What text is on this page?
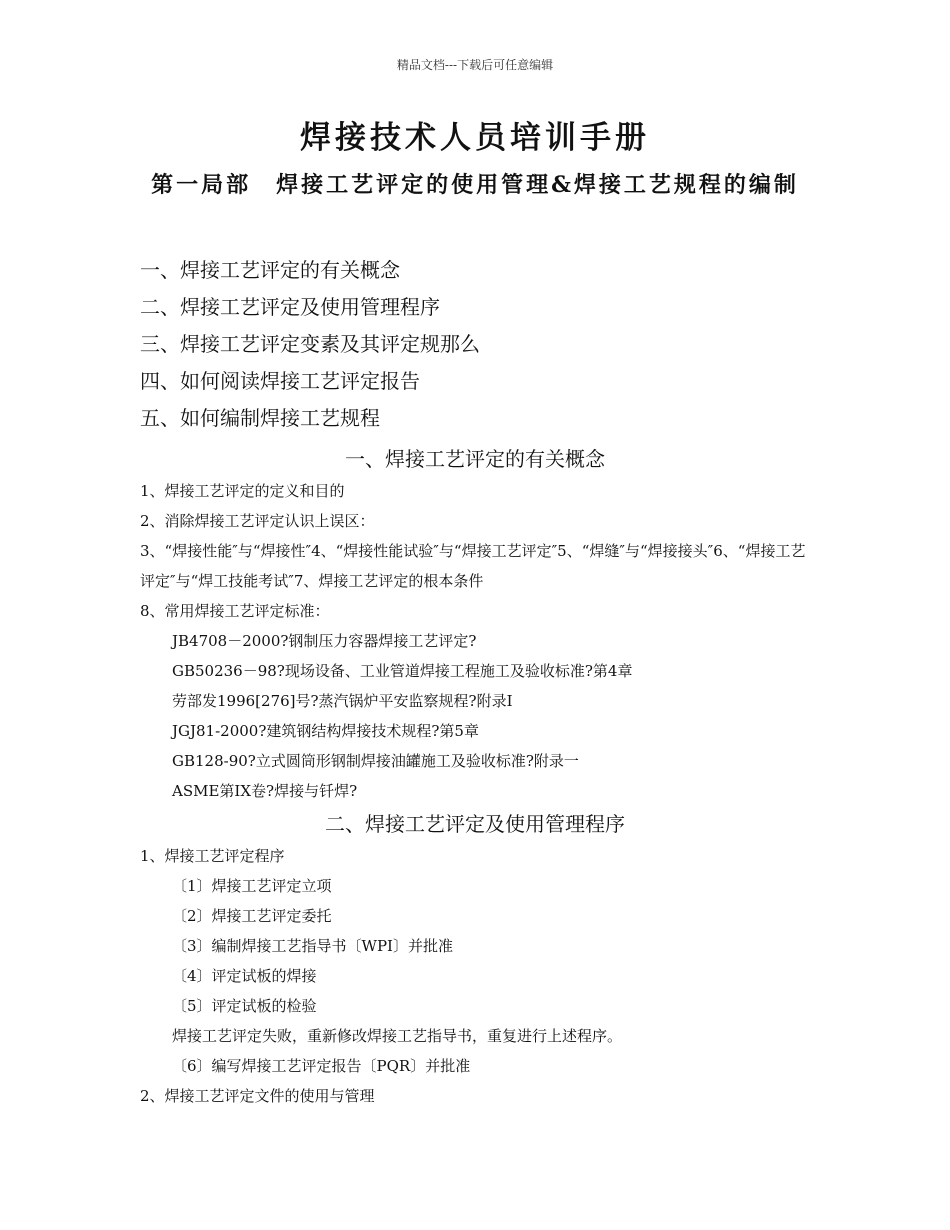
精品文档---下载后可任意编辑
焊接技术人员培训手册
第一局部　焊接工艺评定的使用管理&焊接工艺规程的编制
一、焊接工艺评定的有关概念
二、焊接工艺评定及使用管理程序
三、焊接工艺评定变素及其评定规那么
四、如何阅读焊接工艺评定报告
五、如何编制焊接工艺规程
一、焊接工艺评定的有关概念
1、焊接工艺评定的定义和目的
2、消除焊接工艺评定认识上误区：
3、“焊接性能″与“焊接性″4、“焊接性能试验″与“焊接工艺评定″5、“焊缝″与“焊接接头″6、“焊接工艺评定″与“焊工技能考试″7、焊接工艺评定的根本条件
8、常用焊接工艺评定标准：
JB4708－2000?钢制压力容器焊接工艺评定?
GB50236－98?现场设备、工业管道焊接工程施工及验收标准?第4章
劳部发1996[276]号?蒸汽锅炉平安监察规程?附录I
JGJ81-2000?建筑钢结构焊接技术规程?第5章
GB128-90?立式圆筒形钢制焊接油罐施工及验收标准?附录一
ASME第IX卷?焊接与钎焊?
二、焊接工艺评定及使用管理程序
1、焊接工艺评定程序
〔1〕焊接工艺评定立项
〔2〕焊接工艺评定委托
〔3〕编制焊接工艺指导书〔WPI〕并批准
〔4〕评定试板的焊接
〔5〕评定试板的检验
焊接工艺评定失败，重新修改焊接工艺指导书，重复进行上述程序。
〔6〕编写焊接工艺评定报告〔PQR〕并批准
2、焊接工艺评定文件的使用与管理
